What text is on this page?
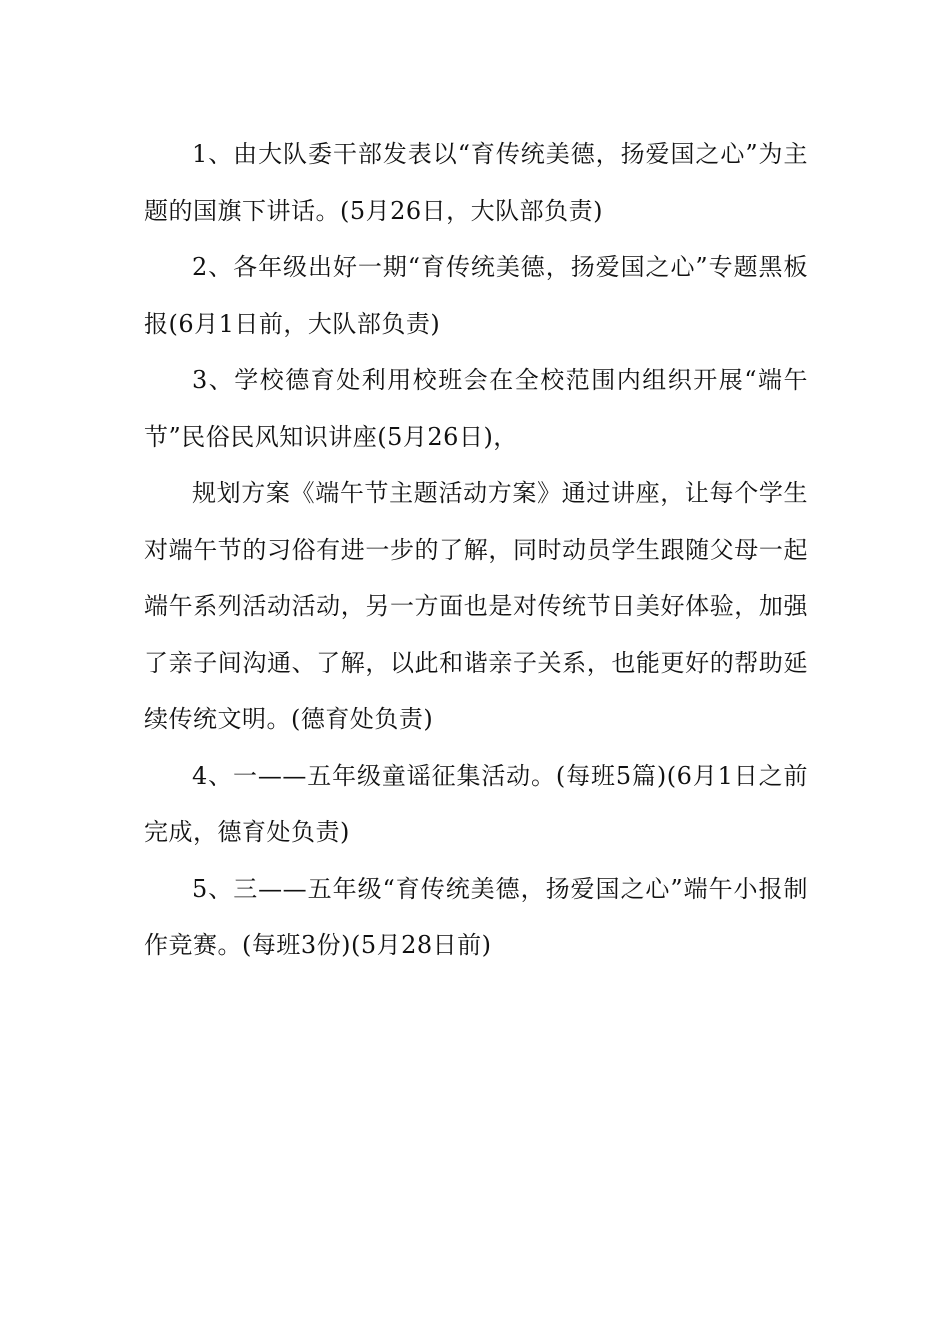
1、由大队委干部发表以“育传统美德，扬爱国之心”为主题的国旗下讲话。(5月26日，大队部负责)

2、各年级出好一期“育传统美德，扬爱国之心”专题黑板报(6月1日前，大队部负责)

3、学校德育处利用校班会在全校范围内组织开展“端午节”民俗民风知识讲座(5月26日)，

规划方案《端午节主题活动方案》通过讲座，让每个学生对端午节的习俗有进一步的了解，同时动员学生跟随父母一起端午系列活动活动，另一方面也是对传统节日美好体验，加强了亲子间沟通、了解，以此和谐亲子关系，也能更好的帮助延续传统文明。(德育处负责)

4、一——五年级童谣征集活动。(每班5篇)(6月1日之前完成，德育处负责)

5、三——五年级“育传统美德，扬爱国之心”端午小报制作竞赛。(每班3份)(5月28日前)
